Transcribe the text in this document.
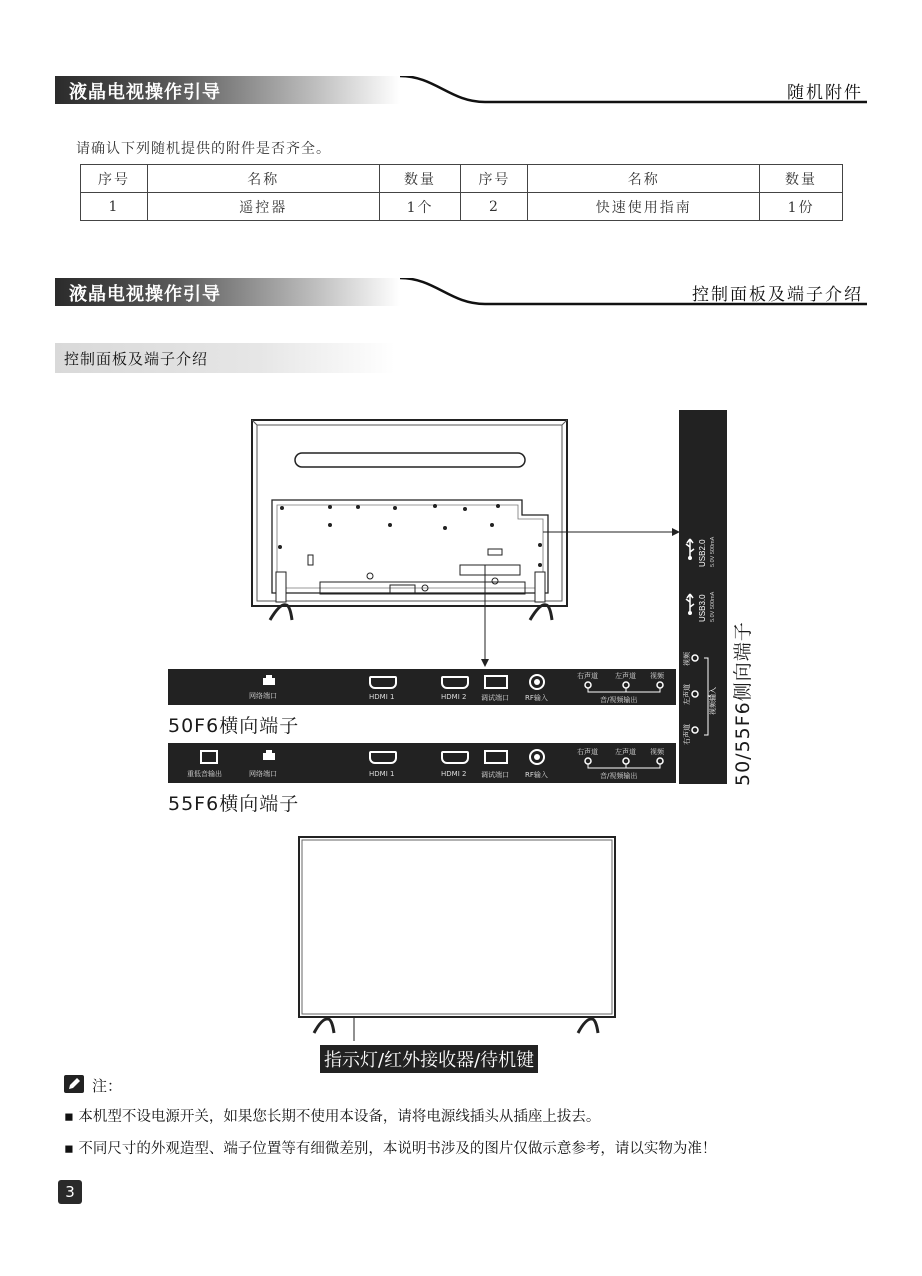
液晶电视操作引导	随机附件
请确认下列随机提供的附件是否齐全。
序号	名称	数量	序号	名称	数量
1	遥控器	1个	2	快速使用指南	1份
液晶电视操作引导	控制面板及端子介绍
控制面板及端子介绍
网络端口	HDMI 1	HDMI 2 调试端口 RF输入
右声道 左声道 视频
音/视频输出
50F6横向端子
重低音输出	网络端口	HDMI 1	HDMI 2 调试端口 RF输入
右声道 左声道 视频
音/视频输出
55F6横向端子
USB2.0 5.0V 500mA
USB3.0 5.0V 500mA
视频
左声道
右声道
视频输入 50/55F6侧向端子
指示灯/红外接收器/待机键
注：
▪ 本机型不设电源开关，如果您长期不使用本设备，请将电源线插头从插座上拔去。
▪ 不同尺寸的外观造型、端子位置等有细微差别，本说明书涉及的图片仅做示意参考，请以实物为准！
3
